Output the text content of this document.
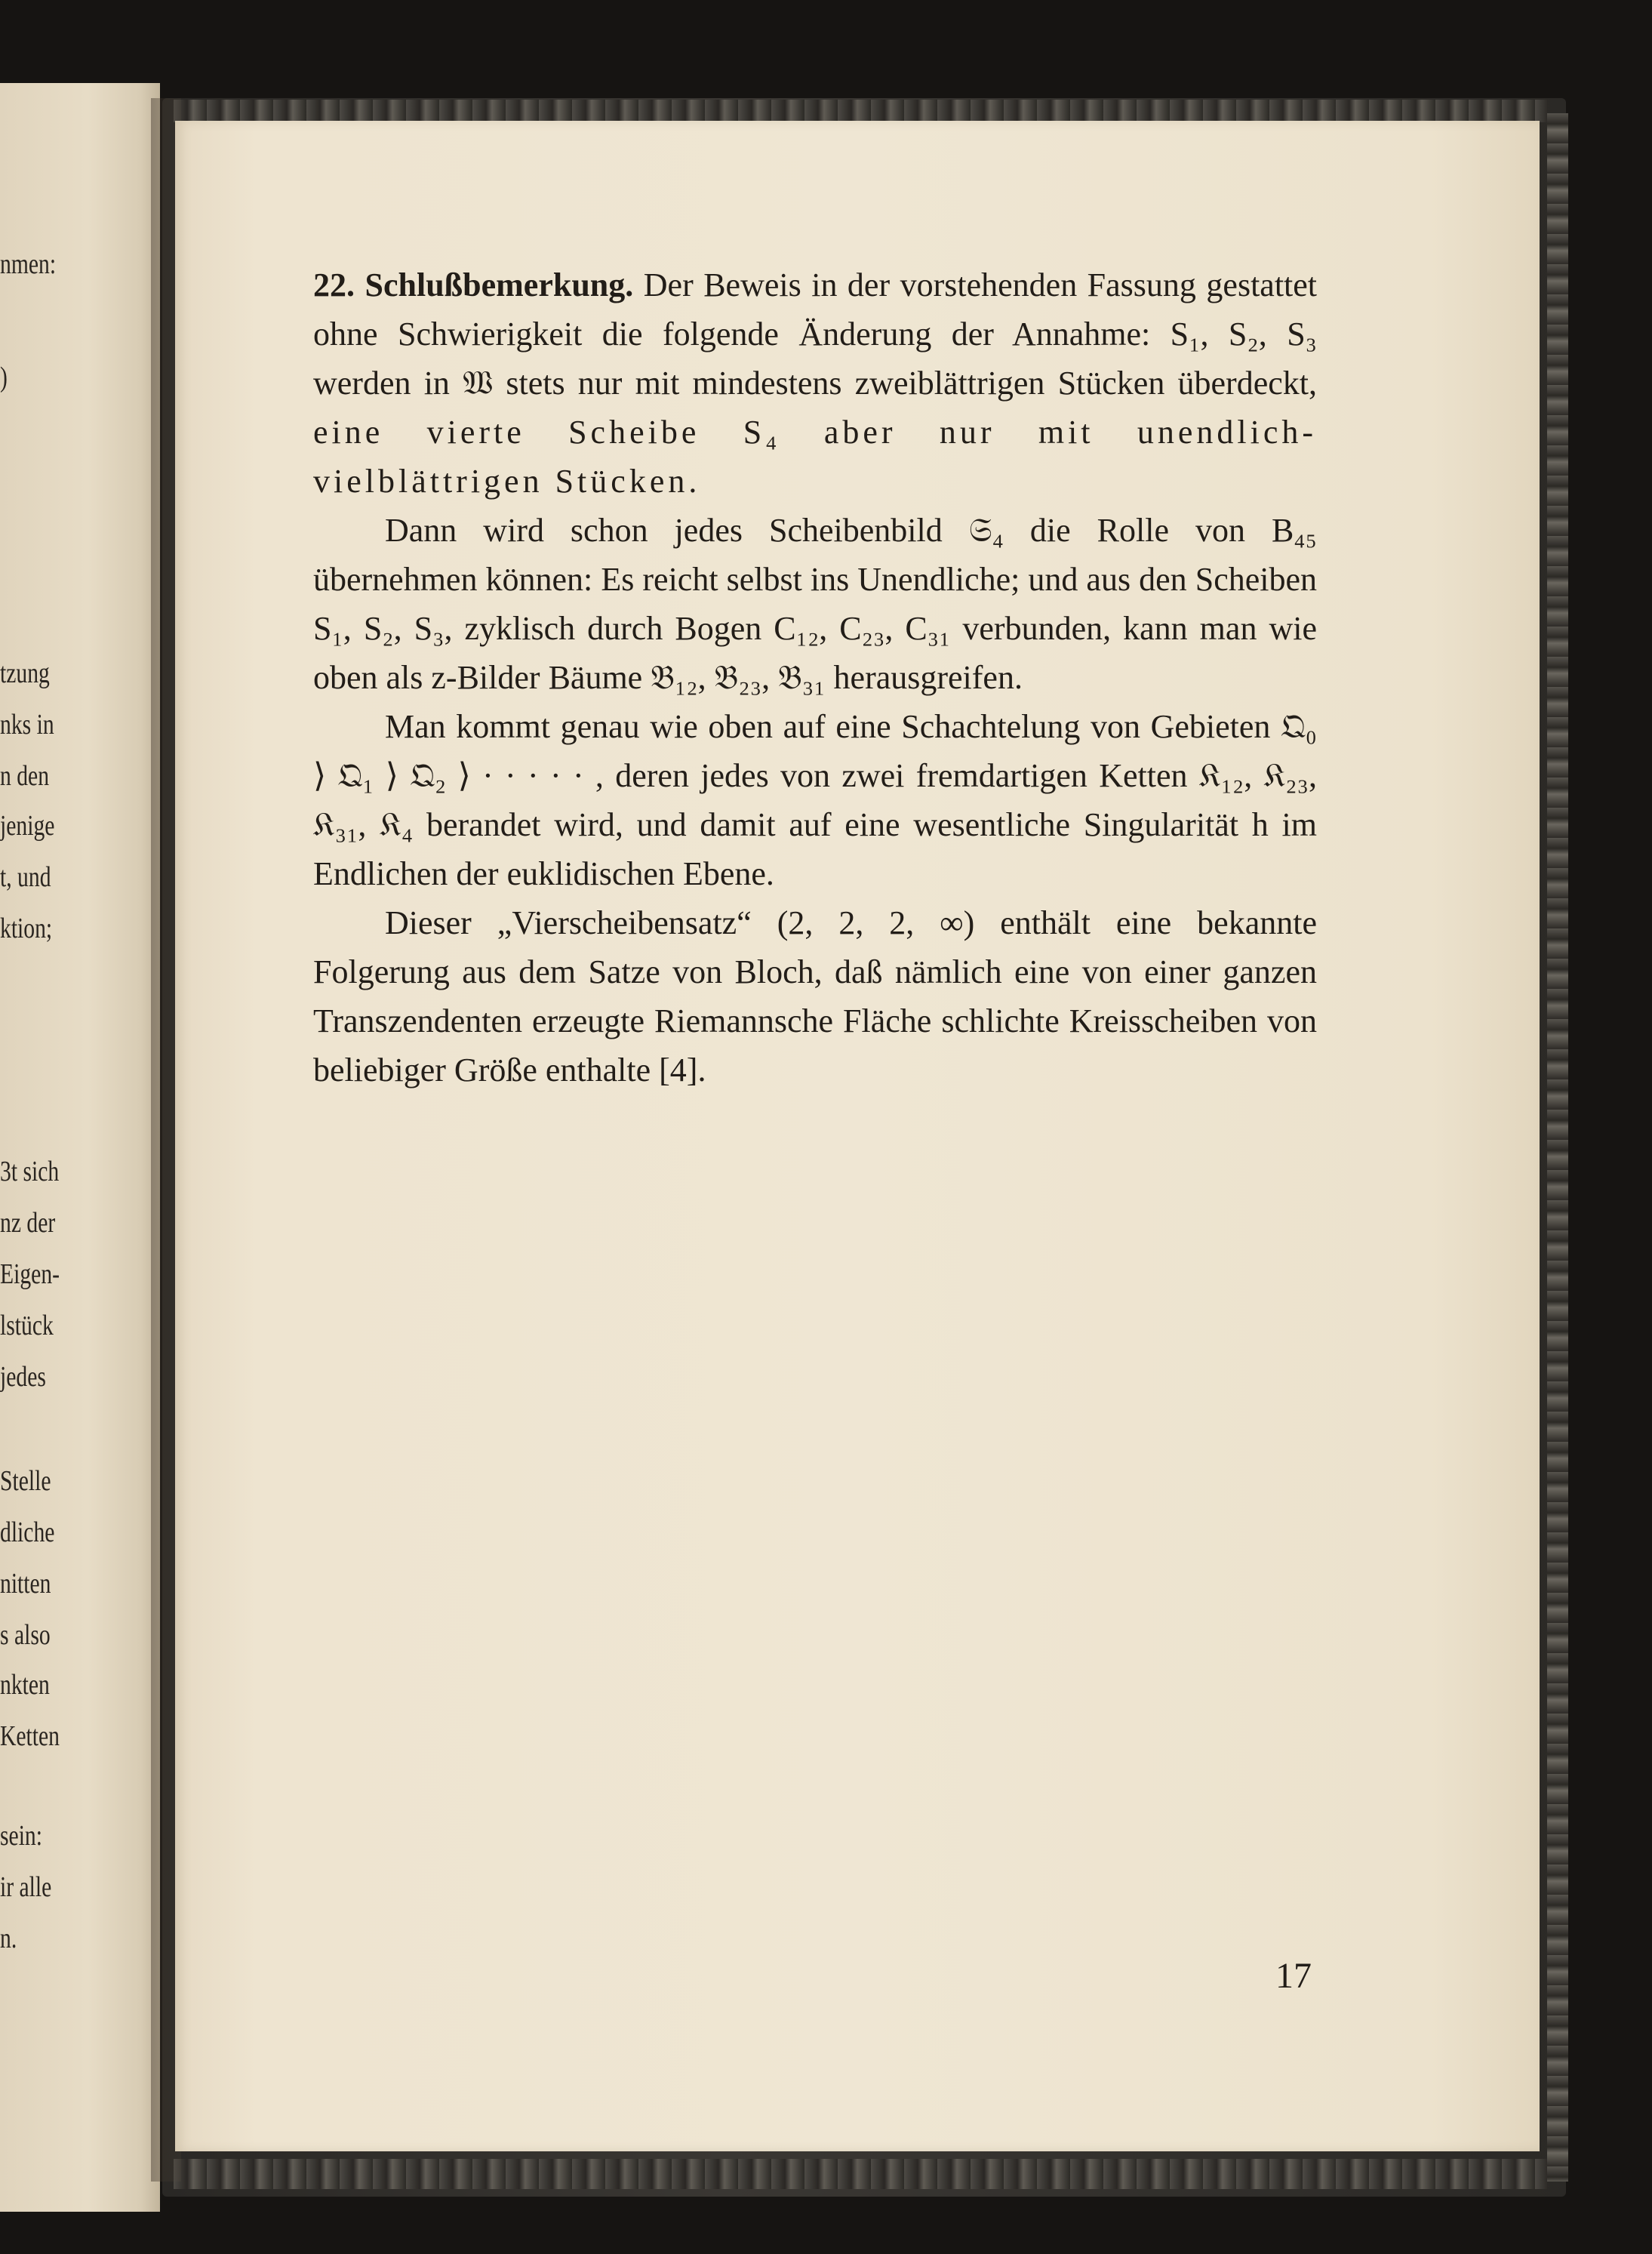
nmen:
)
tzung
nks in
n den
jenige
t, und
ktion;
3t sich
nz der
Eigen-
lstück
jedes
Stelle
dliche
nitten
s also
nkten
Ketten
sein:
ir alle
n.

22. Schlußbemerkung. Der Beweis in der vorstehenden Fassung gestattet ohne Schwierigkeit die folgende Änderung der Annahme: S₁, S₂, S₃ werden in 𝔚 stets nur mit mindestens zweiblättrigen Stücken überdeckt, eine vierte Scheibe S₄ aber nur mit unendlich-vielblättrigen Stücken.

Dann wird schon jedes Scheibenbild 𝔖₄ die Rolle von B₄₅ übernehmen können: Es reicht selbst ins Unendliche; und aus den Scheiben S₁, S₂, S₃, zyklisch durch Bogen C₁₂, C₂₃, C₃₁ verbunden, kann man wie oben als z-Bilder Bäume 𝔅₁₂, 𝔅₂₃, 𝔅₃₁ herausgreifen.

Man kommt genau wie oben auf eine Schachtelung von Gebieten 𝔔₀ ⟩ 𝔔₁ ⟩ 𝔔₂ ⟩ · · · · · , deren jedes von zwei fremdartigen Ketten 𝔎₁₂, 𝔎₂₃, 𝔎₃₁, 𝔎₄ berandet wird, und damit auf eine wesentliche Singularität h im Endlichen der euklidischen Ebene.

Dieser „Vierscheibensatz“ (2, 2, 2, ∞) enthält eine bekannte Folgerung aus dem Satze von Bloch, daß nämlich eine von einer ganzen Transzendenten erzeugte Riemannsche Fläche schlichte Kreisscheiben von beliebiger Größe enthalte [4].

17
